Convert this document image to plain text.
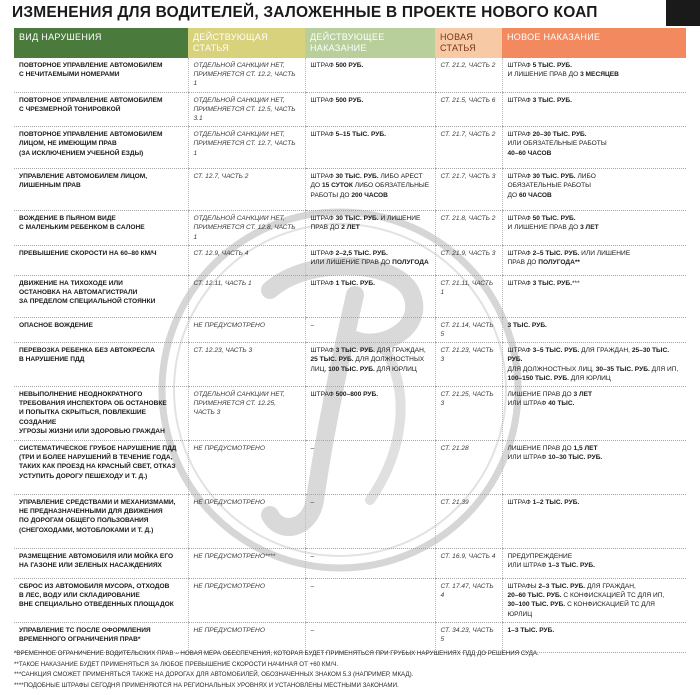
ИЗМЕНЕНИЯ ДЛЯ ВОДИТЕЛЕЙ, ЗАЛОЖЕННЫЕ В ПРОЕКТЕ НОВОГО КОАП
ВИД НАРУШЕНИЯ	ДЕЙСТВУЮЩАЯ СТАТЬЯ	ДЕЙСТВУЮЩЕЕ НАКАЗАНИЕ	НОВАЯ СТАТЬЯ	НОВОЕ НАКАЗАНИЕ

ПОВТОРНОЕ УПРАВЛЕНИЕ АВТОМОБИЛЕМ
С НЕЧИТАЕМЫМИ НОМЕРАМИ	ОТДЕЛЬНОЙ САНКЦИИ НЕТ,
ПРИМЕНЯЕТСЯ СТ. 12.2, ЧАСТЬ 1	ШТРАФ 500 РУБ.	СТ. 21.2, ЧАСТЬ 2	ШТРАФ 5 ТЫС. РУБ.
И ЛИШЕНИЕ ПРАВ ДО 3 МЕСЯЦЕВ

ПОВТОРНОЕ УПРАВЛЕНИЕ АВТОМОБИЛЕМ
С ЧРЕЗМЕРНОЙ ТОНИРОВКОЙ	ОТДЕЛЬНОЙ САНКЦИИ НЕТ,
ПРИМЕНЯЕТСЯ СТ. 12.5, ЧАСТЬ 3.1	ШТРАФ 500 РУБ.	СТ. 21.5, ЧАСТЬ 6	ШТРАФ 3 ТЫС. РУБ.

ПОВТОРНОЕ УПРАВЛЕНИЕ АВТОМОБИЛЕМ
ЛИЦОМ, НЕ ИМЕЮЩИМ ПРАВ
(ЗА ИСКЛЮЧЕНИЕМ УЧЕБНОЙ ЕЗДЫ)	ОТДЕЛЬНОЙ САНКЦИИ НЕТ,
ПРИМЕНЯЕТСЯ СТ. 12.7, ЧАСТЬ 1	ШТРАФ 5–15 ТЫС. РУБ.	СТ. 21.7, ЧАСТЬ 2	ШТРАФ 20–30 ТЫС. РУБ.
ИЛИ ОБЯЗАТЕЛЬНЫЕ РАБОТЫ
40–60 ЧАСОВ

УПРАВЛЕНИЕ АВТОМОБИЛЕМ ЛИЦОМ,
ЛИШЕННЫМ ПРАВ	СТ. 12.7, ЧАСТЬ 2	ШТРАФ 30 ТЫС. РУБ. ЛИБО АРЕСТ
ДО 15 СУТОК ЛИБО ОБЯЗАТЕЛЬНЫЕ
РАБОТЫ ДО 200 ЧАСОВ	СТ. 21.7, ЧАСТЬ 3	ШТРАФ 30 ТЫС. РУБ. ЛИБО
ОБЯЗАТЕЛЬНЫЕ РАБОТЫ
ДО 60 ЧАСОВ

ВОЖДЕНИЕ В ПЬЯНОМ ВИДЕ
С МАЛЕНЬКИМ РЕБЕНКОМ В САЛОНЕ	ОТДЕЛЬНОЙ САНКЦИИ НЕТ,
ПРИМЕНЯЕТСЯ СТ. 12.8, ЧАСТЬ 1	ШТРАФ 30 ТЫС. РУБ. И ЛИШЕНИЕ
ПРАВ ДО 2 ЛЕТ	СТ. 21.8, ЧАСТЬ 2	ШТРАФ 50 ТЫС. РУБ.
И ЛИШЕНИЕ ПРАВ ДО 3 ЛЕТ

ПРЕВЫШЕНИЕ СКОРОСТИ НА 60–80 КМ/Ч	СТ. 12.9, ЧАСТЬ 4	ШТРАФ 2–2,5 ТЫС. РУБ.
ИЛИ ЛИШЕНИЕ ПРАВ ДО ПОЛУГОДА	СТ. 21.9, ЧАСТЬ 3	ШТРАФ 2–5 ТЫС. РУБ. ИЛИ ЛИШЕНИЕ
ПРАВ ДО ПОЛУГОДА**

ДВИЖЕНИЕ НА ТИХОХОДЕ ИЛИ
ОСТАНОВКА НА АВТОМАГИСТРАЛИ
ЗА ПРЕДЕЛОМ СПЕЦИАЛЬНОЙ СТОЯНКИ	СТ. 12.11, ЧАСТЬ 1	ШТРАФ 1 ТЫС. РУБ.	СТ. 21.11, ЧАСТЬ 1	ШТРАФ 3 ТЫС. РУБ.***

ОПАСНОЕ ВОЖДЕНИЕ	НЕ ПРЕДУСМОТРЕНО	–	СТ. 21.14, ЧАСТЬ 5	3 ТЫС. РУБ.

ПЕРЕВОЗКА РЕБЕНКА БЕЗ АВТОКРЕСЛА
В НАРУШЕНИЕ ПДД	СТ. 12.23, ЧАСТЬ 3	ШТРАФ 3 ТЫС. РУБ. ДЛЯ ГРАЖДАН,
25 ТЫС. РУБ. ДЛЯ ДОЛЖНОСТНЫХ
ЛИЦ, 100 ТЫС. РУБ. ДЛЯ ЮРЛИЦ	СТ. 21.23, ЧАСТЬ 3	ШТРАФ 3–5 ТЫС. РУБ. ДЛЯ ГРАЖДАН, 25–30 ТЫС. РУБ.
ДЛЯ ДОЛЖНОСТНЫХ ЛИЦ, 30–35 ТЫС. РУБ. ДЛЯ ИП,
100–150 ТЫС. РУБ. ДЛЯ ЮРЛИЦ

НЕВЫПОЛНЕНИЕ НЕОДНОКРАТНОГО
ТРЕБОВАНИЯ ИНСПЕКТОРА ОБ ОСТАНОВКЕ
И ПОПЫТКА СКРЫТЬСЯ, ПОВЛЕКШИЕ СОЗДАНИЕ
УГРОЗЫ ЖИЗНИ ИЛИ ЗДОРОВЬЮ ГРАЖДАН	ОТДЕЛЬНОЙ САНКЦИИ НЕТ,
ПРИМЕНЯЕТСЯ СТ. 12.25,
ЧАСТЬ 3	ШТРАФ 500–800 РУБ.	СТ. 21.25, ЧАСТЬ 3	ЛИШЕНИЕ ПРАВ ДО 3 ЛЕТ
ИЛИ ШТРАФ 40 ТЫС.

СИСТЕМАТИЧЕСКОЕ ГРУБОЕ НАРУШЕНИЕ ПДД
(ТРИ И БОЛЕЕ НАРУШЕНИЙ В ТЕЧЕНИЕ ГОДА,
ТАКИХ КАК ПРОЕЗД НА КРАСНЫЙ СВЕТ, ОТКАЗ
УСТУПИТЬ ДОРОГУ ПЕШЕХОДУ И Т. Д.)	НЕ ПРЕДУСМОТРЕНО	–	СТ. 21.28	ЛИШЕНИЕ ПРАВ ДО 1,5 ЛЕТ
ИЛИ ШТРАФ 10–30 ТЫС. РУБ.

УПРАВЛЕНИЕ СРЕДСТВАМИ И МЕХАНИЗМАМИ,
НЕ ПРЕДНАЗНАЧЕННЫМИ ДЛЯ ДВИЖЕНИЯ
ПО ДОРОГАМ ОБЩЕГО ПОЛЬЗОВАНИЯ
(СНЕГОХОДАМИ, МОТОБЛОКАМИ И Т. Д.)	НЕ ПРЕДУСМОТРЕНО	–	СТ. 21.39	ШТРАФ 1–2 ТЫС. РУБ.

РАЗМЕЩЕНИЕ АВТОМОБИЛЯ ИЛИ МОЙКА ЕГО
НА ГАЗОНЕ ИЛИ ЗЕЛЕНЫХ НАСАЖДЕНИЯХ	НЕ ПРЕДУСМОТРЕНО****	–	СТ. 16.9, ЧАСТЬ 4	ПРЕДУПРЕЖДЕНИЕ
ИЛИ ШТРАФ 1–3 ТЫС. РУБ.

СБРОС ИЗ АВТОМОБИЛЯ МУСОРА, ОТХОДОВ
В ЛЕС, ВОДУ ИЛИ СКЛАДИРОВАНИЕ
ВНЕ СПЕЦИАЛЬНО ОТВЕДЕННЫХ ПЛОЩАДОК	НЕ ПРЕДУСМОТРЕНО	–	СТ. 17.47, ЧАСТЬ 4	ШТРАФЫ 2–3 ТЫС. РУБ. ДЛЯ ГРАЖДАН,
20–60 ТЫС. РУБ. С КОНФИСКАЦИЕЙ ТС ДЛЯ ИП,
30–100 ТЫС. РУБ. С КОНФИСКАЦИЕЙ ТС ДЛЯ ЮРЛИЦ

УПРАВЛЕНИЕ ТС ПОСЛЕ ОФОРМЛЕНИЯ
ВРЕМЕННОГО ОГРАНИЧЕНИЯ ПРАВ*	НЕ ПРЕДУСМОТРЕНО	–	СТ. 34.23, ЧАСТЬ 5	1–3 ТЫС. РУБ.
*ВРЕМЕННОЕ ОГРАНИЧЕНИЕ ВОДИТЕЛЬСКИХ ПРАВ – НОВАЯ МЕРА ОБЕСПЕЧЕНИЯ, КОТОРАЯ БУДЕТ ПРИМЕНЯТЬСЯ ПРИ ГРУБЫХ НАРУШЕНИЯХ ПДД ДО РЕШЕНИЯ СУДА.
**ТАКОЕ НАКАЗАНИЕ БУДЕТ ПРИМЕНЯТЬСЯ ЗА ЛЮБОЕ ПРЕВЫШЕНИЕ СКОРОСТИ НАЧИНАЯ ОТ +60 КМ/Ч.
***САНКЦИЯ СМОЖЕТ ПРИМЕНЯТЬСЯ ТАКЖЕ НА ДОРОГАХ ДЛЯ АВТОМОБИЛЕЙ, ОБОЗНАЧЕННЫХ ЗНАКОМ 5.3 (НАПРИМЕР, МКАД).
****ПОДОБНЫЕ ШТРАФЫ СЕГОДНЯ ПРИМЕНЯЮТСЯ НА РЕГИОНАЛЬНЫХ УРОВНЯХ И УСТАНОВЛЕНЫ МЕСТНЫМИ ЗАКОНАМИ.
